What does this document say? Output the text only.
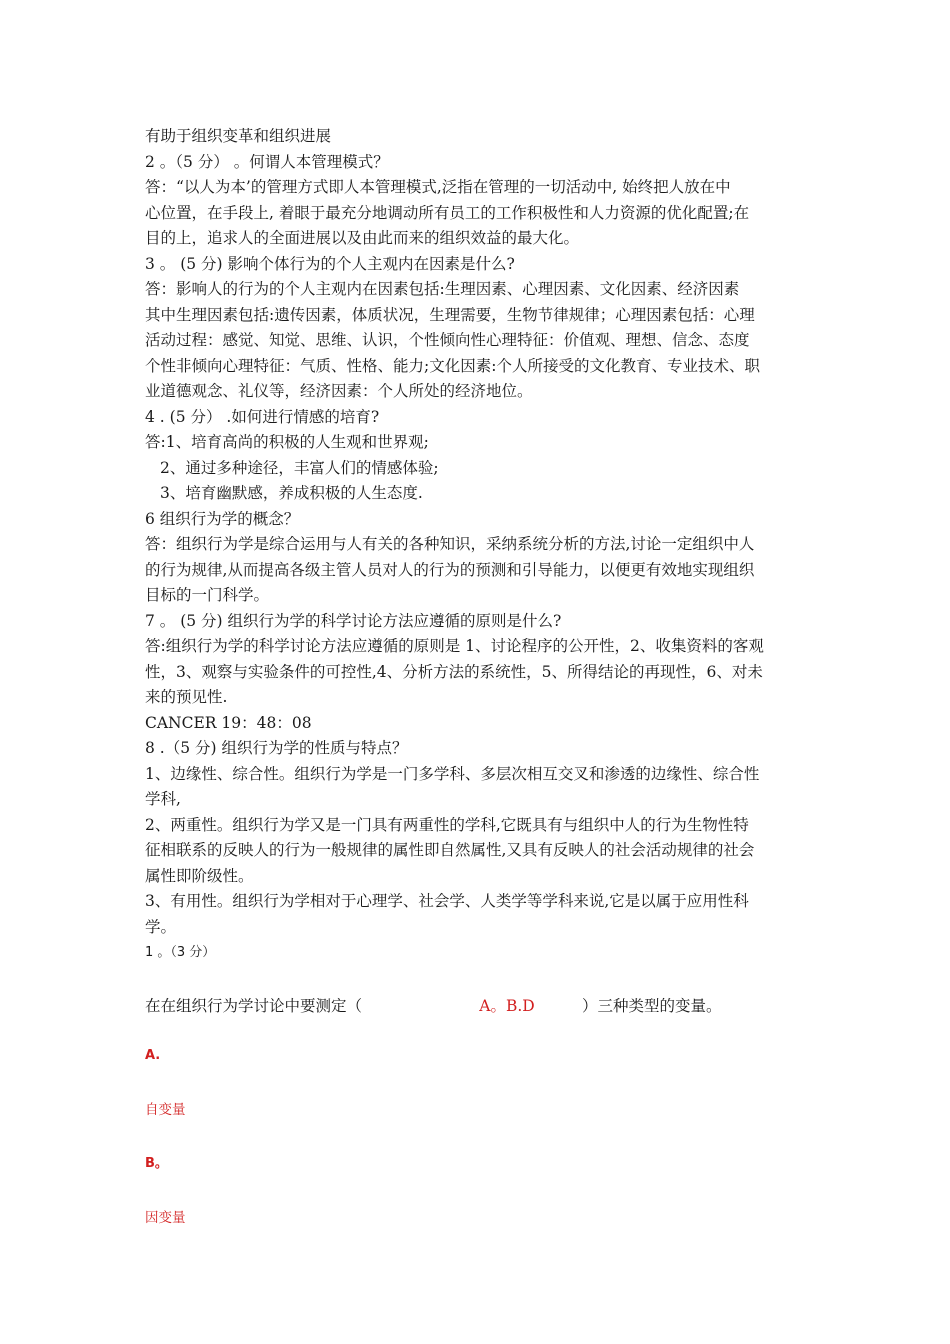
有助于组织变革和组织进展

2 。（5 分） 。何谓人本管理模式？

答：“以人为本’的管理方式即人本管理模式,泛指在管理的一切活动中, 始终把人放在中

心位置，在手段上, 着眼于最充分地调动所有员工的工作积极性和人力资源的优化配置;在

目的上，追求人的全面进展以及由此而来的组织效益的最大化。

3 。 (5 分) 影响个体行为的个人主观内在因素是什么?

答：影响人的行为的个人主观内在因素包括:生理因素、心理因素、文化因素、经济因素

其中生理因素包括:遗传因素，体质状况，生理需要，生物节律规律；心理因素包括：心理

活动过程：感觉、知觉、思维、认识，个性倾向性心理特征：价值观、理想、信念、态度

个性非倾向心理特征：气质、性格、能力;文化因素:个人所接受的文化教育、专业技术、职

业道德观念、礼仪等，经济因素：个人所处的经济地位。

4 . (5 分） .如何进行情感的培育?

答:1、培育高尚的积极的人生观和世界观;

2、通过多种途径，丰富人们的情感体验;

3、培育幽默感，养成积极的人生态度.

6 组织行为学的概念？

答：组织行为学是综合运用与人有关的各种知识，采纳系统分析的方法,讨论一定组织中人

的行为规律,从而提高各级主管人员对人的行为的预测和引导能力，以便更有效地实现组织

目标的一门科学。

7 。 (5 分) 组织行为学的科学讨论方法应遵循的原则是什么?

答:组织行为学的科学讨论方法应遵循的原则是 1、讨论程序的公开性，2、收集资料的客观

性，3、观察与实验条件的可控性,4、分析方法的系统性，5、所得结论的再现性，6、对未

来的预见性.

CANCER 19：48：08

8 .（5 分) 组织行为学的性质与特点？

1、边缘性、综合性。组织行为学是一门多学科、多层次相互交叉和渗透的边缘性、综合性

学科,

2、两重性。组织行为学又是一门具有两重性的学科,它既具有与组织中人的行为生物性特

征相联系的反映人的行为一般规律的属性即自然属性,又具有反映人的社会活动规律的社会

属性即阶级性。

3、有用性。组织行为学相对于心理学、社会学、人类学等学科来说,它是以属于应用性科

学。

1 。（3 分）

在在组织行为学讨论中要测定（	A。B.D	）三种类型的变量。
A.
自变量
B。
因变量
